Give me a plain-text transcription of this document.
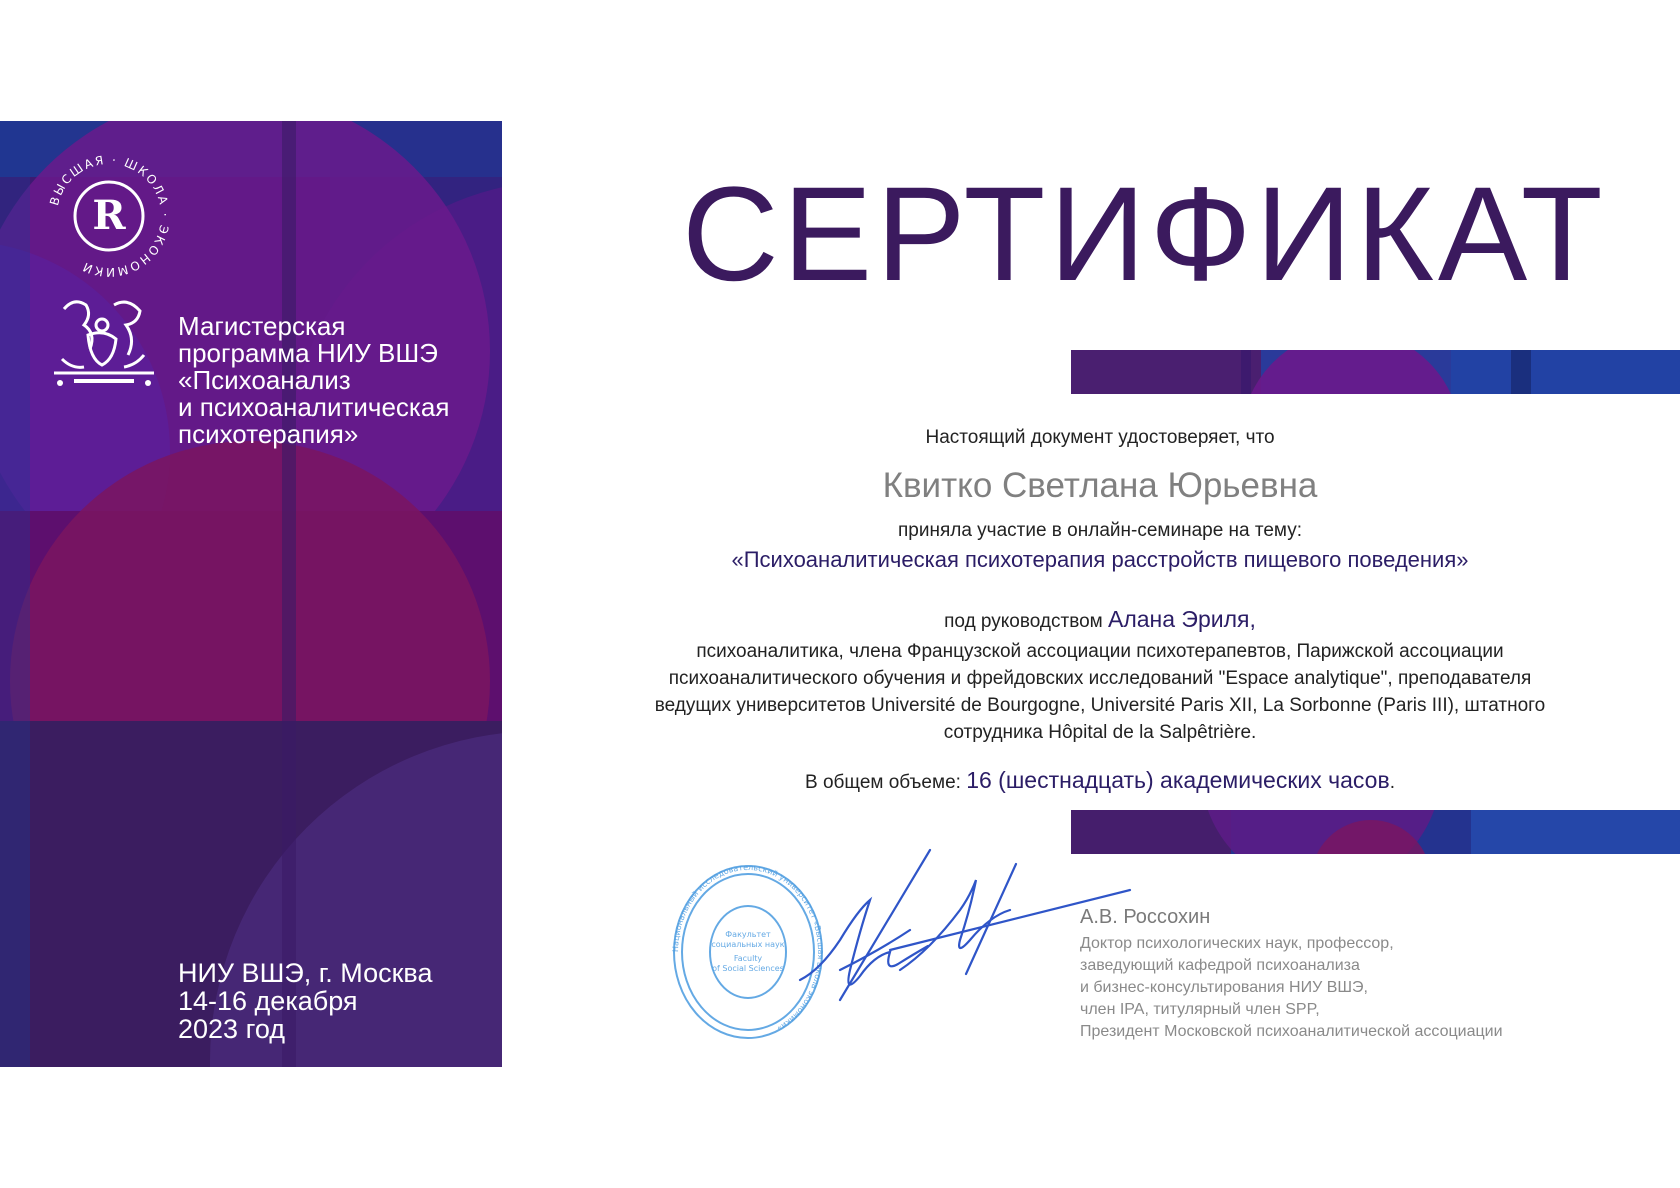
R
ВЫСШАЯ · ШКОЛА · ЭКОНОМИКИ
Магистерская
программа НИУ ВШЭ
«Психоанализ
и психоаналитическая
психотерапия»
НИУ ВШЭ, г. Москва
14-16 декабря
2023 год
СЕРТИФИКАТ
Настоящий документ удостоверяет, что
Квитко Светлана Юрьевна
приняла участие в онлайн-семинаре на тему:
«Психоаналитическая психотерапия расстройств пищевого поведения»
под руководством Алана Эриля,
психоаналитика, члена Французской ассоциации психотерапевтов, Парижской ассоциации
психоаналитического обучения и фрейдовских исследований "Espace analytique", преподавателя
ведущих университетов Université de Bourgogne, Université Paris XII, La Sorbonne (Paris III), штатного
сотрудника Hôpital de la Salpêtrière.
В общем объеме: 16 (шестнадцать) академических часов.
Национальный исследовательский университет «Высшая школа экономики»
Факультет
социальных наук
Faculty
of Social Sciences
А.В. Россохин
Доктор психологических наук, профессор,
заведующий кафедрой психоанализа
и бизнес-консультирования НИУ ВШЭ,
член IPA, титулярный член SPP,
Президент Московской психоаналитической ассоциации
